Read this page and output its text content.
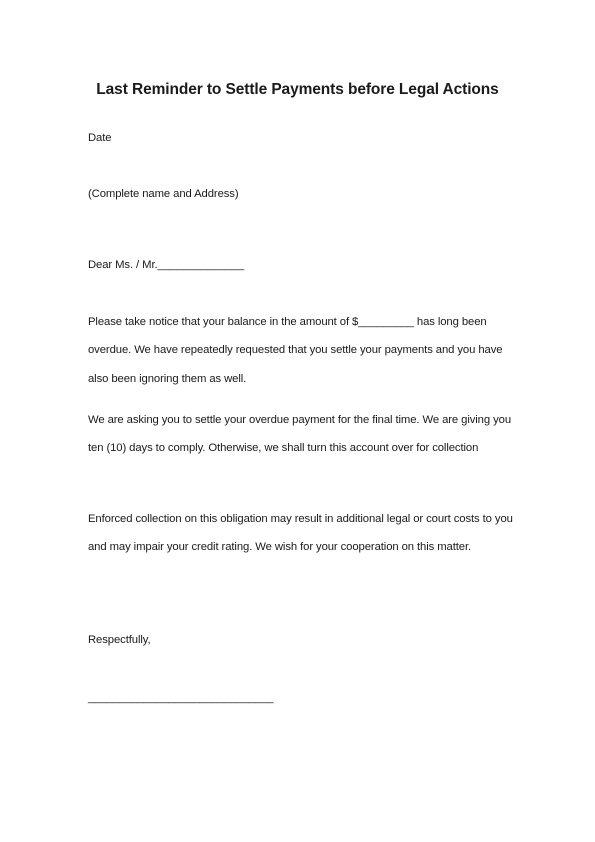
Last Reminder to Settle Payments before Legal Actions
Date
(Complete name and Address)
Dear Ms. / Mr.______________
Please take notice that your balance in the amount of $_________ has long been overdue. We have repeatedly requested that you settle your payments and you have also been ignoring them as well.
We are asking you to settle your overdue payment for the final time. We are giving you ten (10) days to comply. Otherwise, we shall turn this account over for collection
Enforced collection on this obligation may result in additional legal or court costs to you and may impair your credit rating. We wish for your cooperation on this matter.
Respectfully,
______________________________
